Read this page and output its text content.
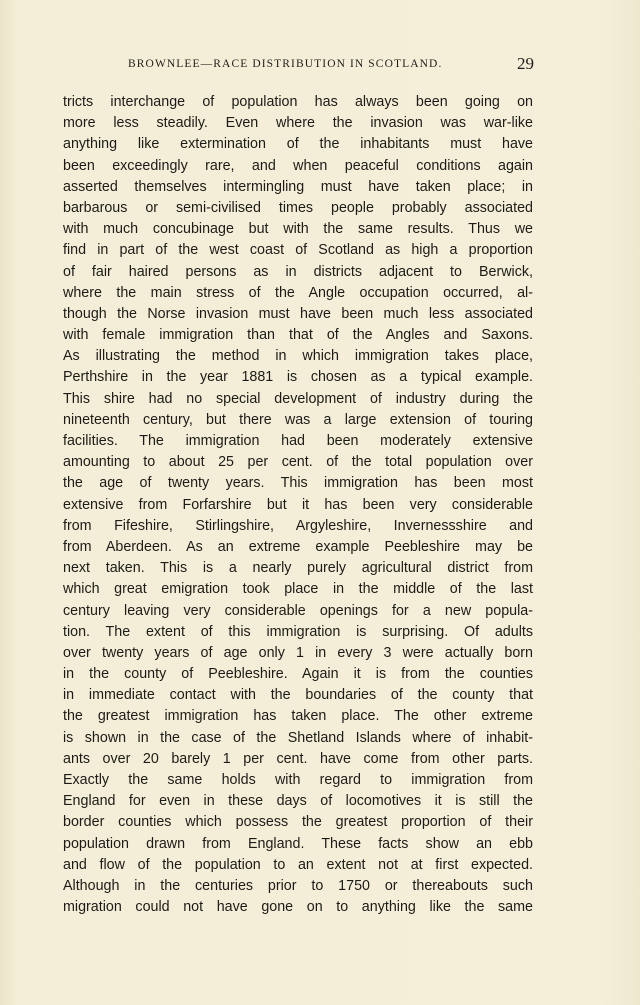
BROWNLEE—RACE DISTRIBUTION IN SCOTLAND.	29
tricts interchange of population has always been going on
more less steadily. Even where the invasion was war-like
anything like extermination of the inhabitants must have
been exceedingly rare, and when peaceful conditions again
asserted themselves intermingling must have taken place; in
barbarous or semi-civilised times people probably associated
with much concubinage but with the same results. Thus we
find in part of the west coast of Scotland as high a proportion
of fair haired persons as in districts adjacent to Berwick,
where the main stress of the Angle occupation occurred, al-
though the Norse invasion must have been much less associated
with female immigration than that of the Angles and Saxons.
As illustrating the method in which immigration takes place,
Perthshire in the year 1881 is chosen as a typical example.
This shire had no special development of industry during the
nineteenth century, but there was a large extension of touring
facilities. The immigration had been moderately extensive
amounting to about 25 per cent. of the total population over
the age of twenty years. This immigration has been most
extensive from Forfarshire but it has been very considerable
from Fifeshire, Stirlingshire, Argyleshire, Invernessshire and
from Aberdeen. As an extreme example Peebleshire may be
next taken. This is a nearly purely agricultural district from
which great emigration took place in the middle of the last
century leaving very considerable openings for a new popula-
tion. The extent of this immigration is surprising. Of adults
over twenty years of age only 1 in every 3 were actually born
in the county of Peebleshire. Again it is from the counties
in immediate contact with the boundaries of the county that
the greatest immigration has taken place. The other extreme
is shown in the case of the Shetland Islands where of inhabit-
ants over 20 barely 1 per cent. have come from other parts.
Exactly the same holds with regard to immigration from
England for even in these days of locomotives it is still the
border counties which possess the greatest proportion of their
population drawn from England. These facts show an ebb
and flow of the population to an extent not at first expected.
Although in the centuries prior to 1750 or thereabouts such
migration could not have gone on to anything like the same
